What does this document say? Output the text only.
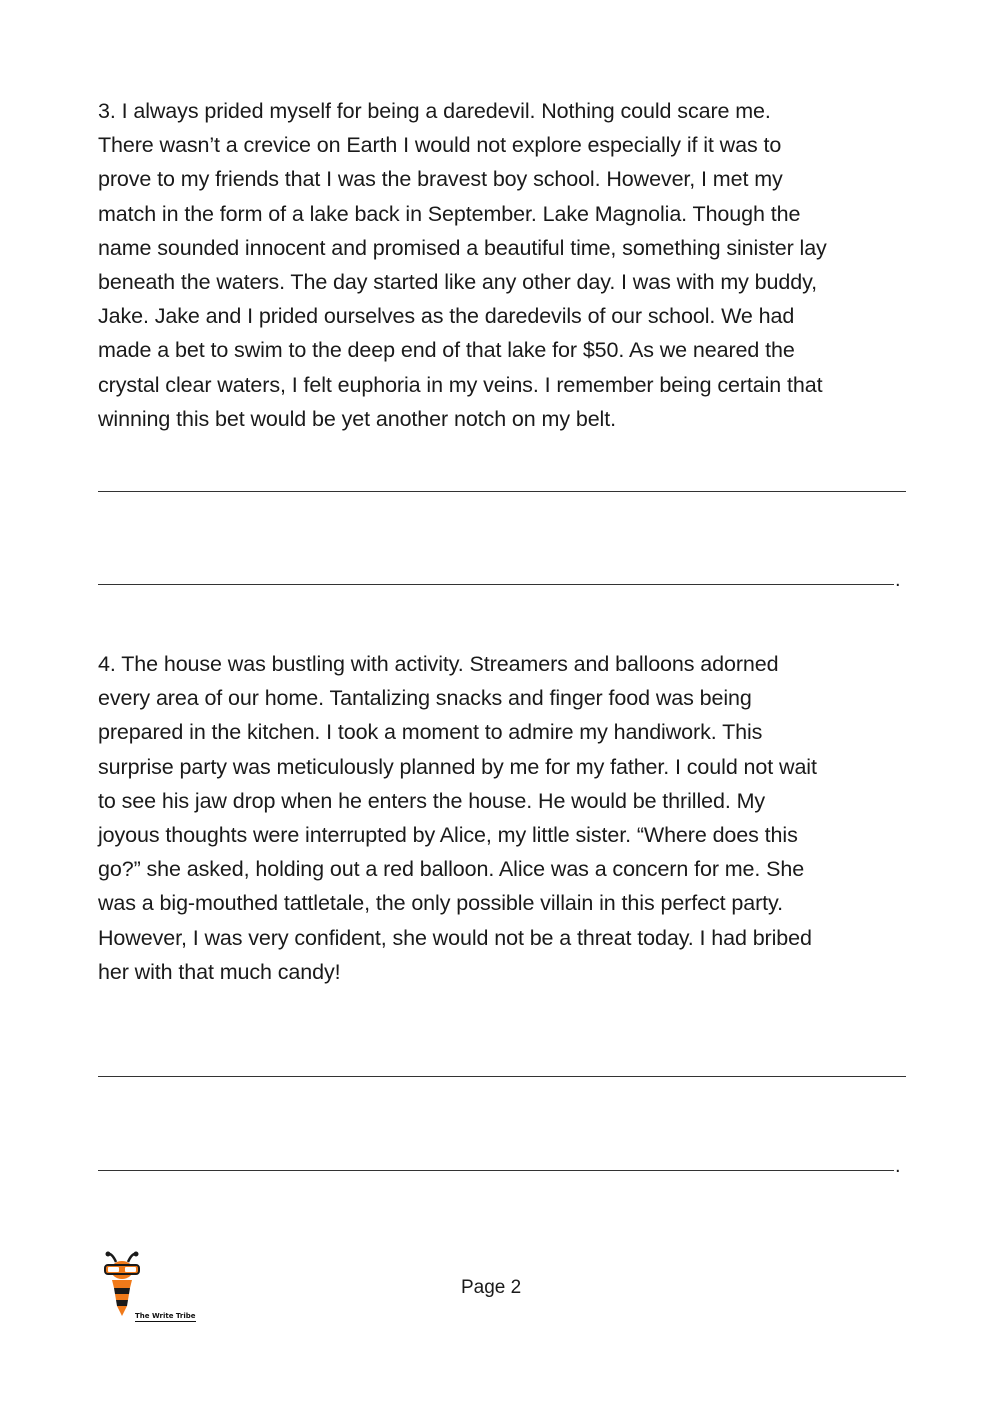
3. I always prided myself for being a daredevil. Nothing could scare me.
There wasn’t a crevice on Earth I would not explore especially if it was to
prove to my friends that I was the bravest boy school. However, I met my
match in the form of a lake back in September. Lake Magnolia. Though the
name sounded innocent and promised a beautiful time, something sinister lay
beneath the waters. The day started like any other day. I was with my buddy,
Jake. Jake and I prided ourselves as the daredevils of our school. We had
made a bet to swim to the deep end of that lake for $50. As we neared the
crystal clear waters, I felt euphoria in my veins. I remember being certain that
winning this bet would be yet another notch on my belt.

.

4. The house was bustling with activity. Streamers and balloons adorned
every area of our home. Tantalizing snacks and finger food was being
prepared in the kitchen. I took a moment to admire my handiwork. This
surprise party was meticulously planned by me for my father. I could not wait
to see his jaw drop when he enters the house. He would be thrilled. My
joyous thoughts were interrupted by Alice, my little sister. “Where does this
go?” she asked, holding out a red balloon. Alice was a concern for me. She
was a big-mouthed tattletale, the only possible villain in this perfect party.
However, I was very confident, she would not be a threat today. I had bribed
her with that much candy!

.
The Write Tribe
Page 2
